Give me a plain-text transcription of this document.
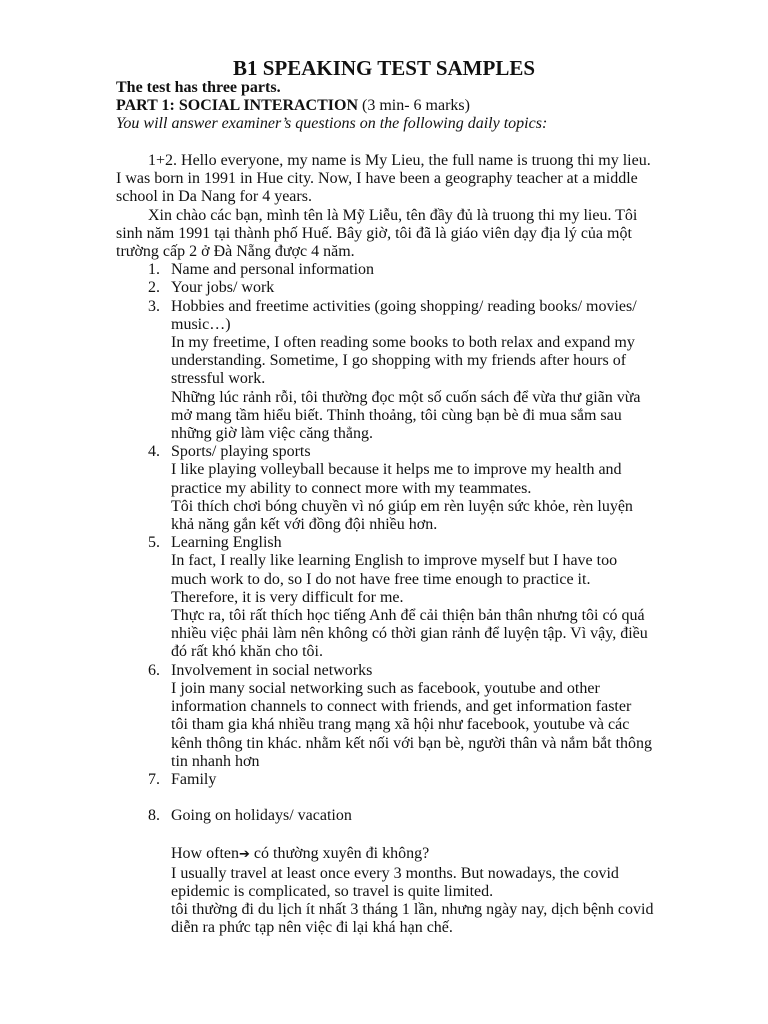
B1 SPEAKING TEST SAMPLES

The test has three parts.

PART 1: SOCIAL INTERACTION (3 min- 6 marks)

You will answer examiner’s questions on the following daily topics:

1+2. Hello everyone, my name is My Lieu, the full name is truong thi my lieu. I was born in 1991 in Hue city. Now, I have been a geography teacher at a middle school in Da Nang for 4 years.

Xin chào các bạn, mình tên là Mỹ Liễu, tên đầy đủ là truong thi my lieu. Tôi sinh năm 1991 tại thành phố Huế. Bây giờ, tôi đã là giáo viên dạy địa lý của một trường cấp 2 ở Đà Nẵng được 4 năm.

1. Name and personal information

2. Your jobs/ work

3. Hobbies and freetime activities (going shopping/ reading books/ movies/ music…)

In my freetime, I often reading some books to both relax and expand my understanding. Sometime, I go shopping with my friends after hours of stressful work.

Những lúc rảnh rỗi, tôi thường đọc một số cuốn sách để vừa thư giãn vừa mở mang tầm hiểu biết. Thỉnh thoảng, tôi cùng bạn bè đi mua sắm sau những giờ làm việc căng thẳng.

4. Sports/ playing sports

I like playing volleyball because it helps me to improve my health and practice my ability to connect more with my teammates.

Tôi thích chơi bóng chuyền vì nó giúp em rèn luyện sức khỏe, rèn luyện khả năng gắn kết với đồng đội nhiều hơn.

5. Learning English

In fact, I really like learning English to improve myself but I have too much work to do, so I do not have free time enough to practice it. Therefore, it is very difficult for me.

Thực ra, tôi rất thích học tiếng Anh để cải thiện bản thân nhưng tôi có quá nhiều việc phải làm nên không có thời gian rảnh để luyện tập. Vì vậy, điều đó rất khó khăn cho tôi.

6. Involvement in social networks

I join many social networking such as facebook, youtube and other information channels to connect with friends, and get information faster

tôi tham gia khá nhiều trang mạng xã hội như facebook, youtube và các kênh thông tin khác. nhằm kết nối với bạn bè, người thân và nắm bắt thông tin nhanh hơn

7. Family

8. Going on holidays/ vacation

How often➔ có thường xuyên đi không?

I usually travel at least once every 3 months. But nowadays, the covid epidemic is complicated, so travel is quite limited.

tôi thường đi du lịch ít nhất 3 tháng 1 lần, nhưng ngày nay, dịch bệnh covid diễn ra phức tạp nên việc đi lại khá hạn chế.
